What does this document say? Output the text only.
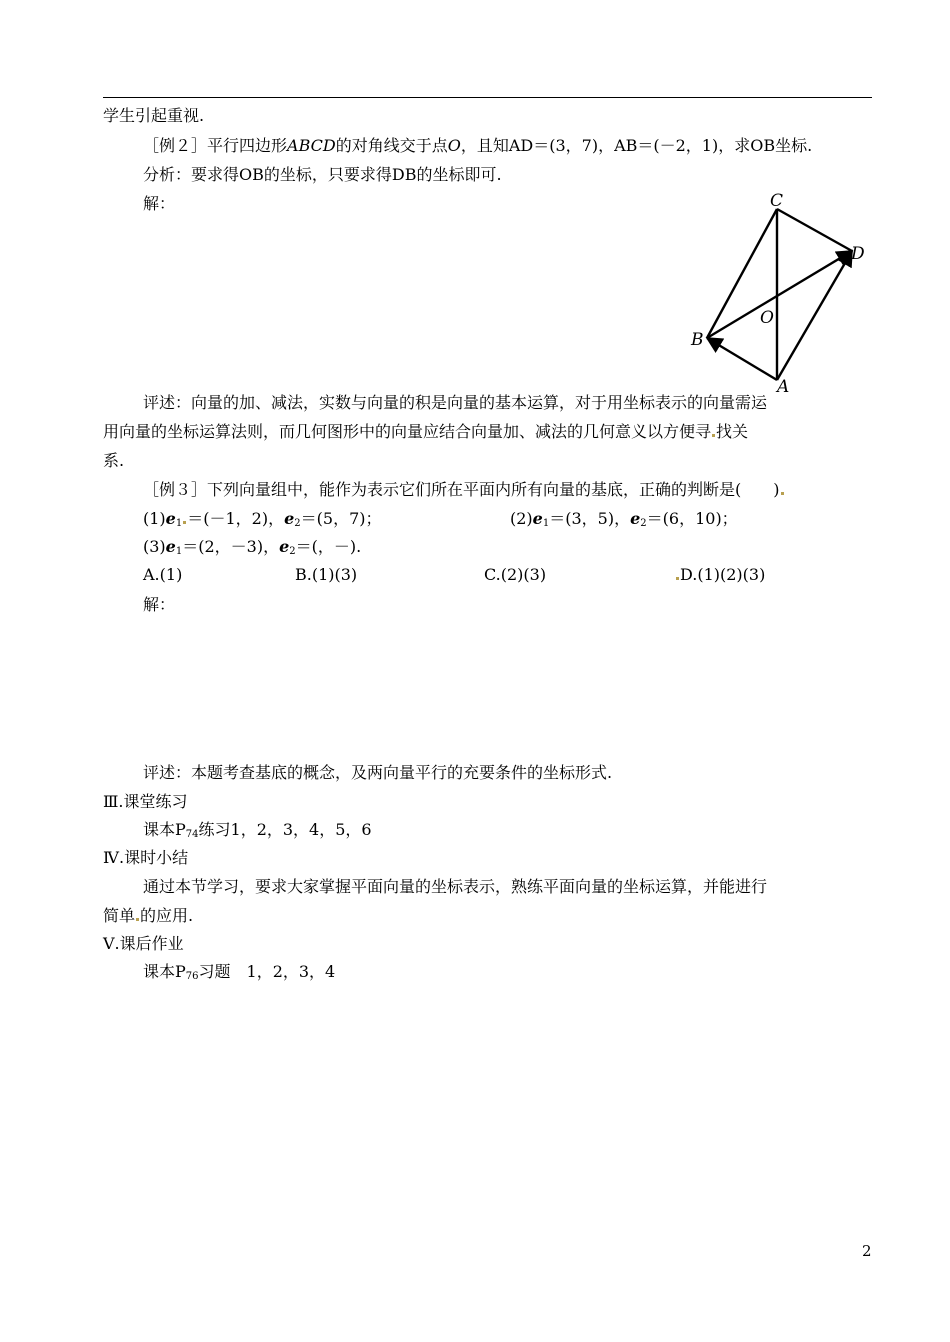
学生引起重视.
［例２］平行四边形ABCD的对角线交于点O，且知AD＝(3，7)，AB＝(－2，1)，求OB坐标.
分析：要求得OB的坐标，只要求得DB的坐标即可.
解：	C
D
O
B
A
评述：向量的加、减法，实数与向量的积是向量的基本运算，对于用坐标表示的向量需运
用向量的坐标运算法则，而几何图形中的向量应结合向量加、减法的几何意义以方便寻 找关
系.
［例３］下列向量组中，能作为表示它们所在平面内所有向量的基底，正确的判断是(　　)
$(1)e_1 =(-1$，2)，$e_2=(5$，7)；	$(2)e_1=(3$，5)，$e_2=(6$，10)；
$(3)e_1=(2$，－3)，$e_2=$(，－).
A.(1)	B.(1)(3)	C.(2)(3)	D.(1)(2)(3)
解：
评述：本题考查基底的概念，及两向量平行的充要条件的坐标形式.
Ⅲ.课堂练习
课本$P_{74}$练习1，2，3，4，5，6
Ⅳ.课时小结
通过本节学习，要求大家掌握平面向量的坐标表示，熟练平面向量的坐标运算，并能进行
简单 的应用.
Ⅴ.课后作业
课本$P_{76}$习题　1，2，3，4
2
